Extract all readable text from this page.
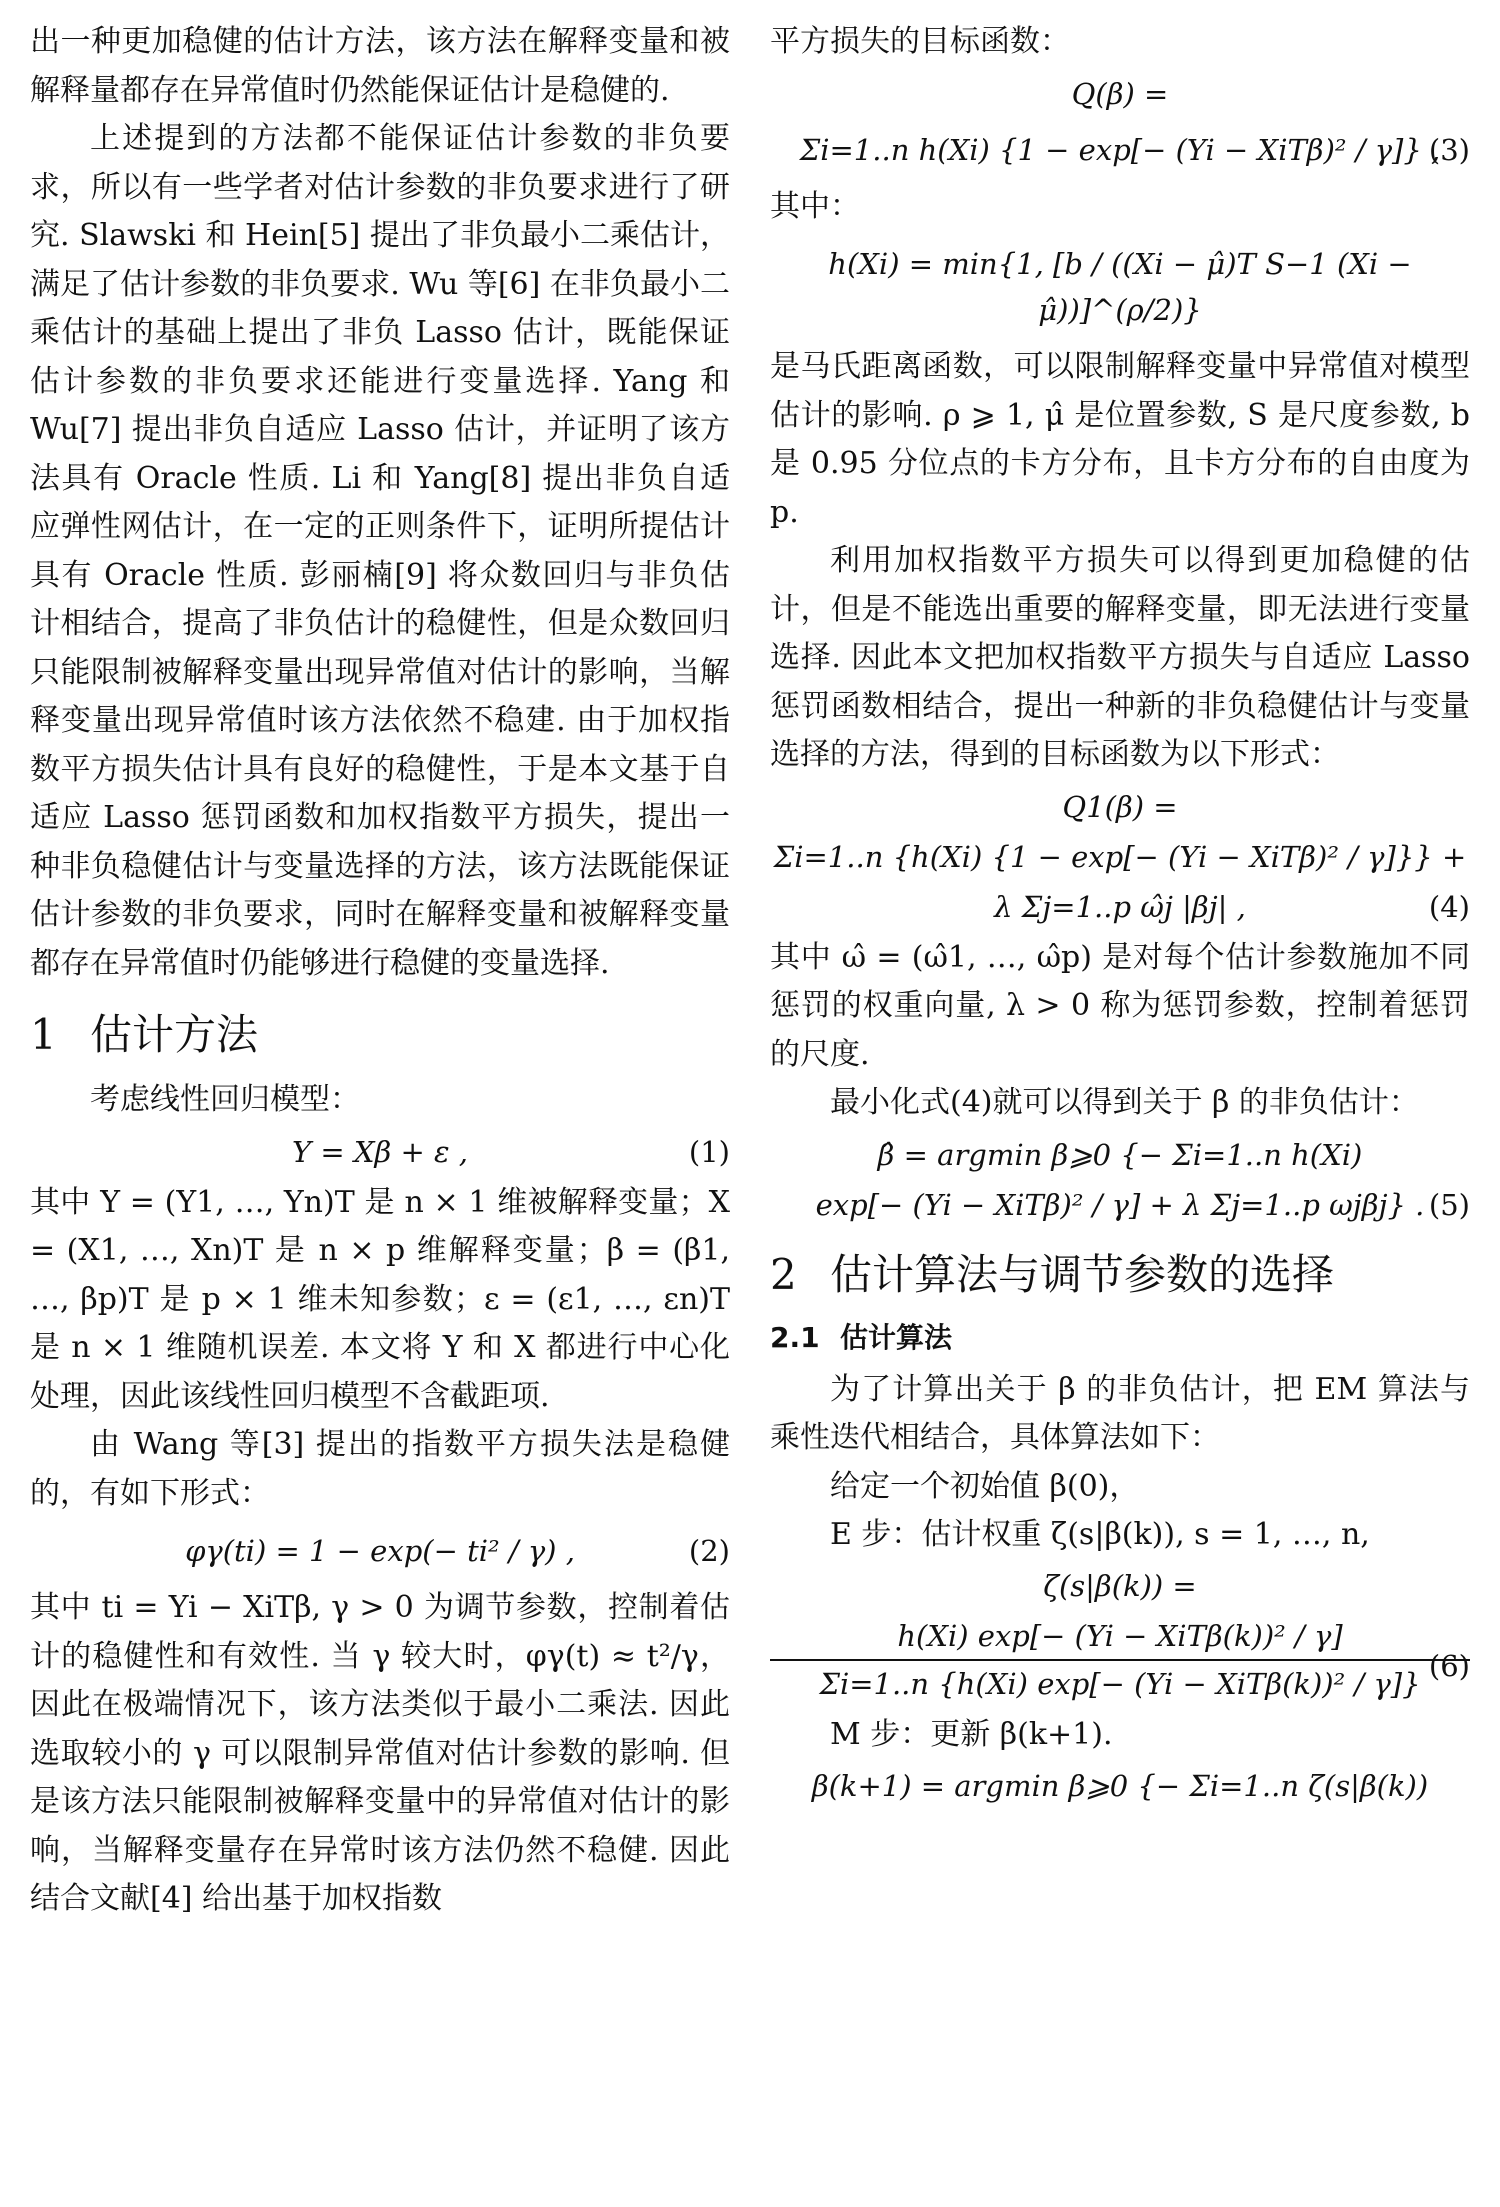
出一种更加稳健的估计方法，该方法在解释变量和被解释量都存在异常值时仍然能保证估计是稳健的.

上述提到的方法都不能保证估计参数的非负要求，所以有一些学者对估计参数的非负要求进行了研究. Slawski 和 Hein[5] 提出了非负最小二乘估计，满足了估计参数的非负要求. Wu 等[6] 在非负最小二乘估计的基础上提出了非负 Lasso 估计，既能保证估计参数的非负要求还能进行变量选择. Yang 和 Wu[7] 提出非负自适应 Lasso 估计，并证明了该方法具有 Oracle 性质. Li 和 Yang[8] 提出非负自适应弹性网估计，在一定的正则条件下，证明所提估计具有 Oracle 性质. 彭丽楠[9] 将众数回归与非负估计相结合，提高了非负估计的稳健性，但是众数回归只能限制被解释变量出现异常值对估计的影响，当解释变量出现异常值时该方法依然不稳建. 由于加权指数平方损失估计具有良好的稳健性，于是本文基于自适应 Lasso 惩罚函数和加权指数平方损失，提出一种非负稳健估计与变量选择的方法，该方法既能保证估计参数的非负要求，同时在解释变量和被解释变量都存在异常值时仍能够进行稳健的变量选择.

1 估计方法

考虑线性回归模型：

Y = Xβ + ε ,	(1)

其中 Y = (Y1, …, Yn)T 是 n × 1 维被解释变量；X = (X1, …, Xn)T 是 n × p 维解释变量；β = (β1, …, βp)T 是 p × 1 维未知参数；ε = (ε1, …, εn)T 是 n × 1 维随机误差. 本文将 Y 和 X 都进行中心化处理，因此该线性回归模型不含截距项.

由 Wang 等[3] 提出的指数平方损失法是稳健的，有如下形式：

φγ(ti) = 1 − exp(− ti² / γ) ,	(2)

其中 ti = Yi − XiTβ, γ > 0 为调节参数，控制着估计的稳健性和有效性. 当 γ 较大时，φγ(t) ≈ t²/γ，因此在极端情况下，该方法类似于最小二乘法. 因此选取较小的 γ 可以限制异常值对估计参数的影响. 但是该方法只能限制被解释变量中的异常值对估计的影响，当解释变量存在异常时该方法仍然不稳健. 因此结合文献[4] 给出基于加权指数

平方损失的目标函数：

Q(β) =
Σi=1..n h(Xi) {1 − exp[− (Yi − XiTβ)² / γ]} ,
(3)

其中：

h(Xi) = min{1, [b / ((Xi − μ̂)T S−1 (Xi − μ̂))]^(ρ/2)}

是马氏距离函数，可以限制解释变量中异常值对模型估计的影响. ρ ⩾ 1, μ̂ 是位置参数, S 是尺度参数, b 是 0.95 分位点的卡方分布，且卡方分布的自由度为 p.

利用加权指数平方损失可以得到更加稳健的估计，但是不能选出重要的解释变量，即无法进行变量选择. 因此本文把加权指数平方损失与自适应 Lasso 惩罚函数相结合，提出一种新的非负稳健估计与变量选择的方法，得到的目标函数为以下形式：

Q1(β) =
Σi=1..n {h(Xi) {1 − exp[− (Yi − XiTβ)² / γ]}} +
λ Σj=1..p ω̂j |βj| ,	(4)

其中 ω̂ = (ω̂1, …, ω̂p) 是对每个估计参数施加不同惩罚的权重向量, λ > 0 称为惩罚参数，控制着惩罚的尺度.

最小化式(4)就可以得到关于 β 的非负估计：

β̂ = argmin β⩾0 {− Σi=1..n h(Xi)
exp[− (Yi − XiTβ)² / γ] + λ Σj=1..p ωjβj} . (5)
2 估计算法与调节参数的选择
2.1 估计算法

为了计算出关于 β 的非负估计，把 EM 算法与乘性迭代相结合，具体算法如下：

给定一个初始值 β(0)，

E 步：估计权重 ζ(s|β(k)), s = 1, …, n,

ζ(s|β(k)) =
h(Xi) exp[− (Yi − XiTβ(k))² / γ]
Σi=1..n {h(Xi) exp[− (Yi − XiTβ(k))² / γ]}
(6)

M 步：更新 β(k+1).

β(k+1) = argmin β⩾0 {− Σi=1..n ζ(s|β(k))
